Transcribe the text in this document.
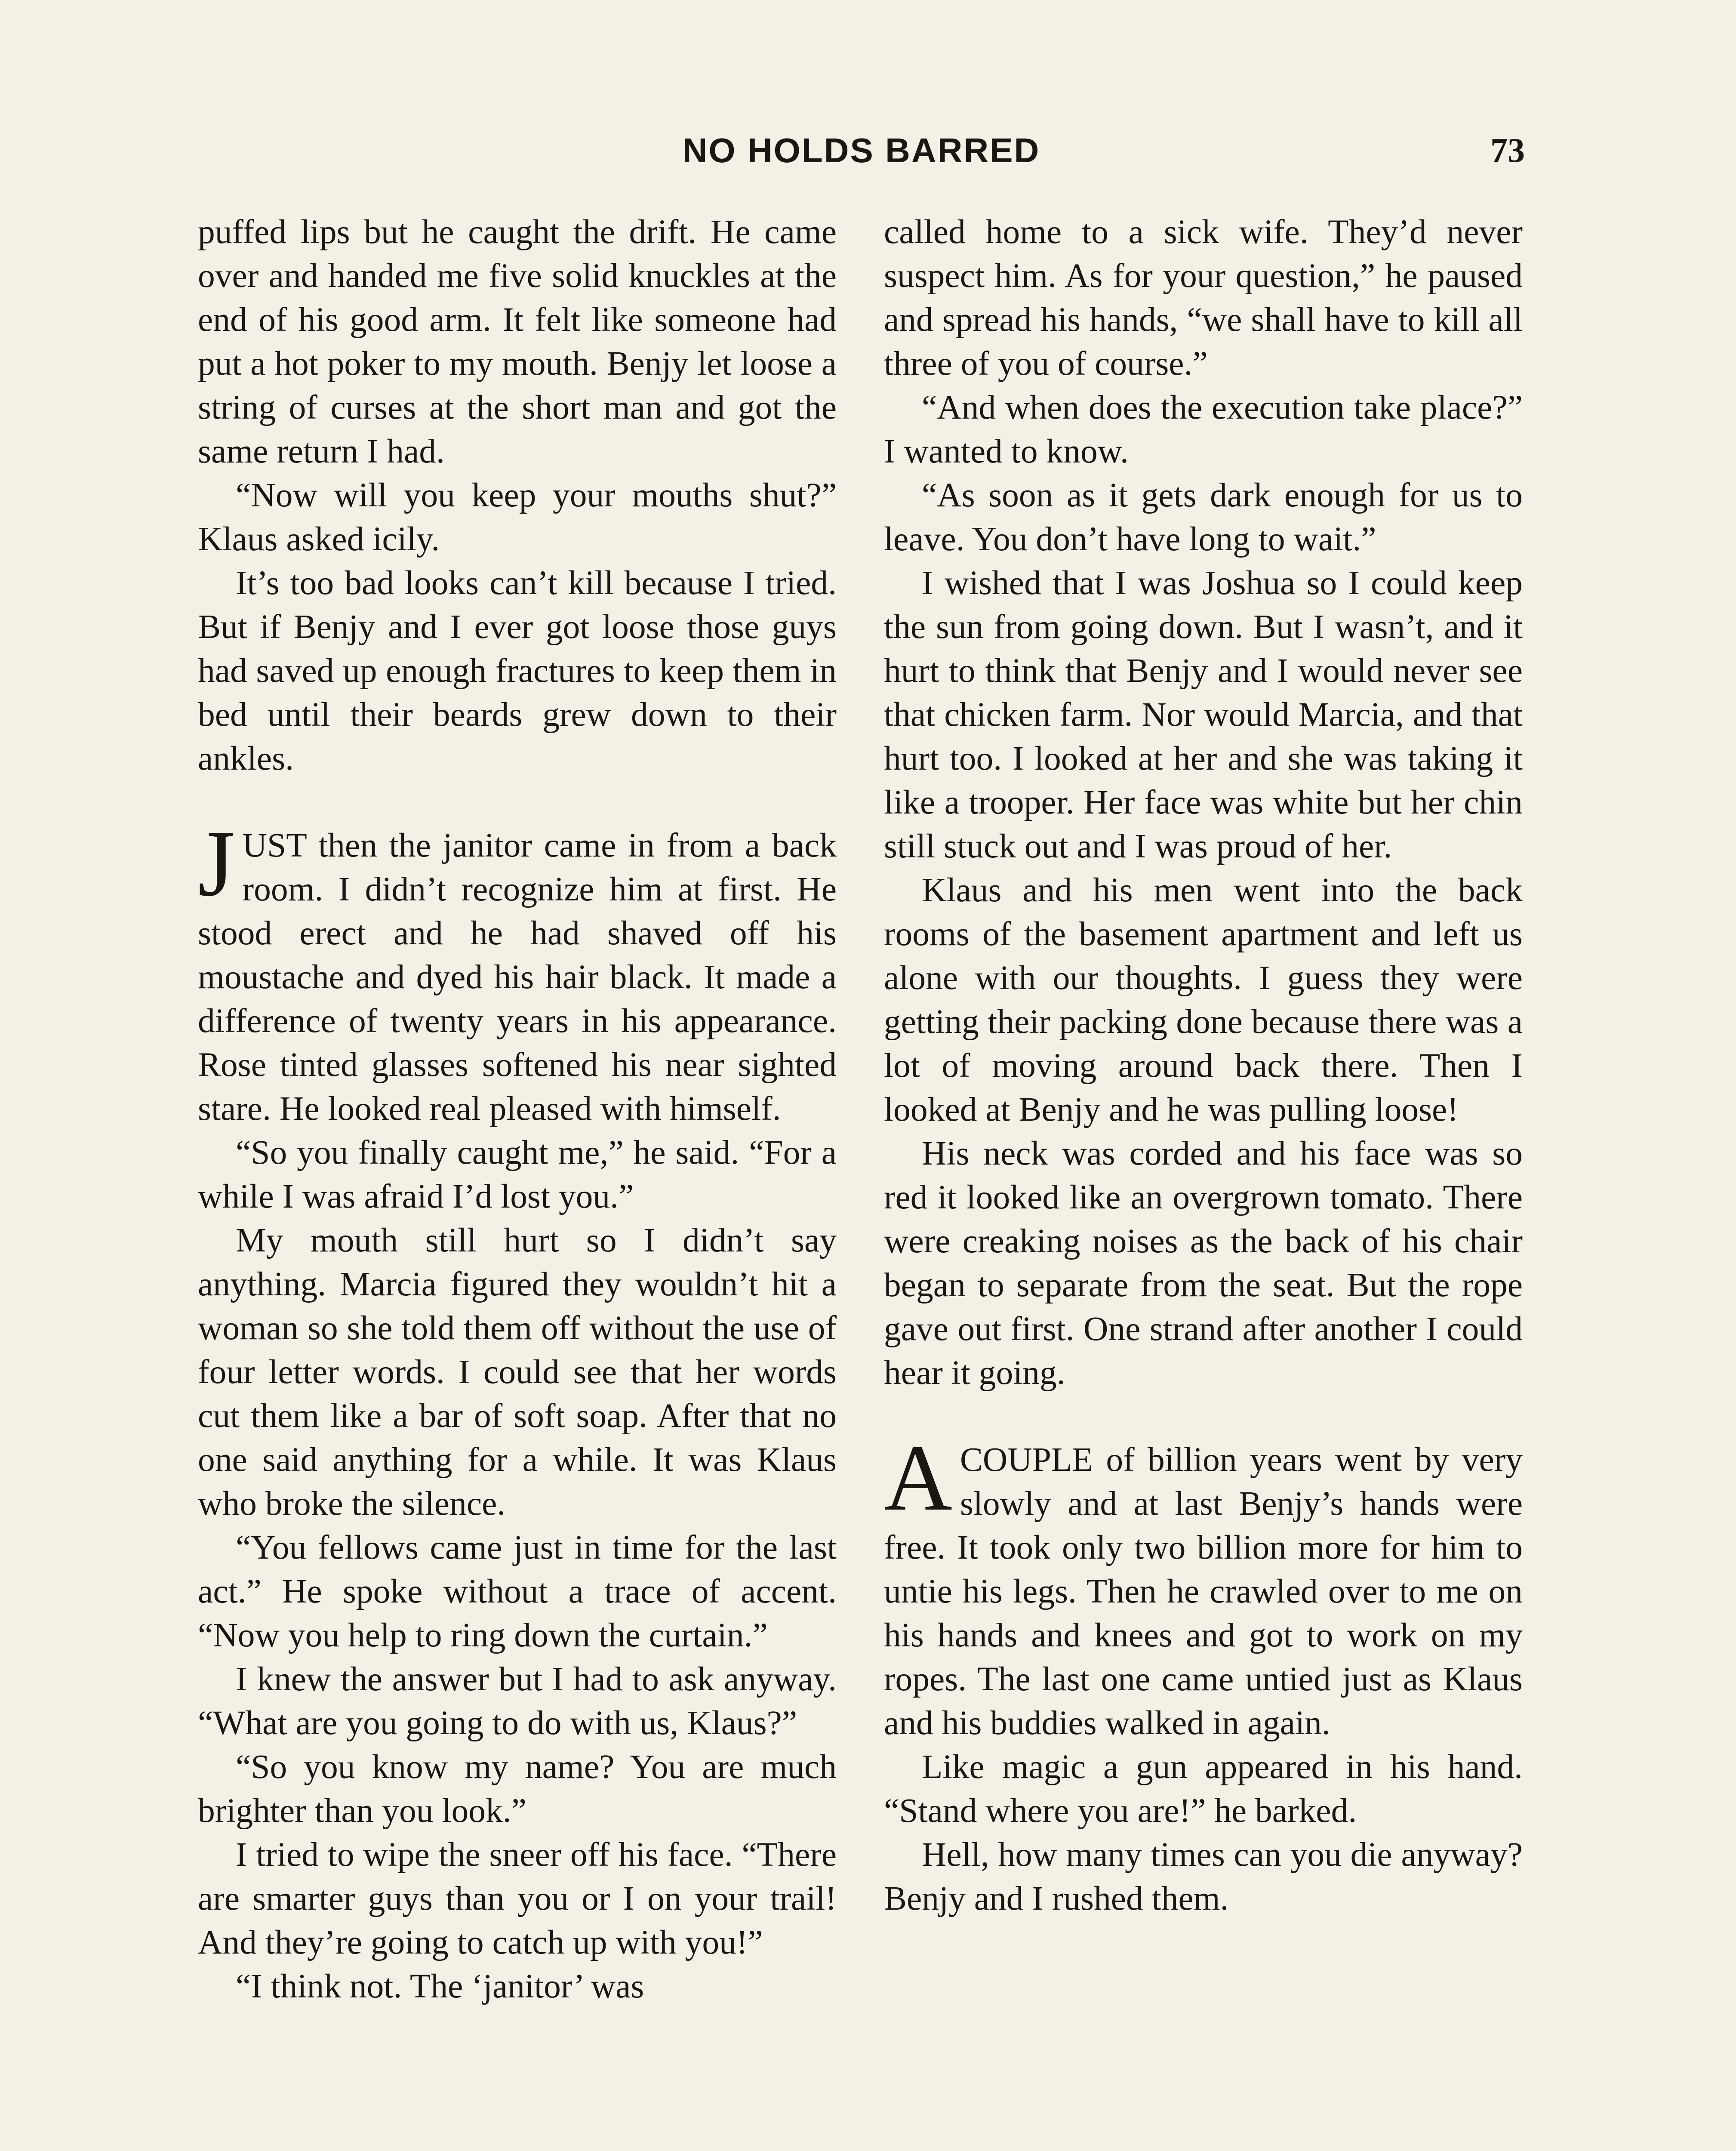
NO HOLDS BARRED	73

puffed lips but he caught the drift. He came over and handed me five solid knuckles at the end of his good arm. It felt like someone had put a hot poker to my mouth. Benjy let loose a string of curses at the short man and got the same return I had.

“Now will you keep your mouths shut?” Klaus asked icily.

It’s too bad looks can’t kill because I tried. But if Benjy and I ever got loose those guys had saved up enough fractures to keep them in bed until their beards grew down to their ankles.

JUST then the janitor came in from a back room. I didn’t recognize him at first. He stood erect and he had shaved off his moustache and dyed his hair black. It made a difference of twenty years in his appearance. Rose tinted glasses softened his near sighted stare. He looked real pleased with himself.

“So you finally caught me,” he said. “For a while I was afraid I’d lost you.”

My mouth still hurt so I didn’t say anything. Marcia figured they wouldn’t hit a woman so she told them off without the use of four letter words. I could see that her words cut them like a bar of soft soap. After that no one said anything for a while. It was Klaus who broke the silence.

“You fellows came just in time for the last act.” He spoke without a trace of accent. “Now you help to ring down the curtain.”

I knew the answer but I had to ask anyway. “What are you going to do with us, Klaus?”

“So you know my name? You are much brighter than you look.”

I tried to wipe the sneer off his face. “There are smarter guys than you or I on your trail! And they’re going to catch up with you!”

“I think not. The ‘janitor’ was

called home to a sick wife. They’d never suspect him. As for your question,” he paused and spread his hands, “we shall have to kill all three of you of course.”

“And when does the execution take place?” I wanted to know.

“As soon as it gets dark enough for us to leave. You don’t have long to wait.”

I wished that I was Joshua so I could keep the sun from going down. But I wasn’t, and it hurt to think that Benjy and I would never see that chicken farm. Nor would Marcia, and that hurt too. I looked at her and she was taking it like a trooper. Her face was white but her chin still stuck out and I was proud of her.

Klaus and his men went into the back rooms of the basement apartment and left us alone with our thoughts. I guess they were getting their packing done because there was a lot of moving around back there. Then I looked at Benjy and he was pulling loose!

His neck was corded and his face was so red it looked like an overgrown tomato. There were creaking noises as the back of his chair began to separate from the seat. But the rope gave out first. One strand after another I could hear it going.

ACOUPLE of billion years went by very slowly and at last Benjy’s hands were free. It took only two billion more for him to untie his legs. Then he crawled over to me on his hands and knees and got to work on my ropes. The last one came untied just as Klaus and his buddies walked in again.

Like magic a gun appeared in his hand. “Stand where you are!” he barked.

Hell, how many times can you die anyway? Benjy and I rushed them.
